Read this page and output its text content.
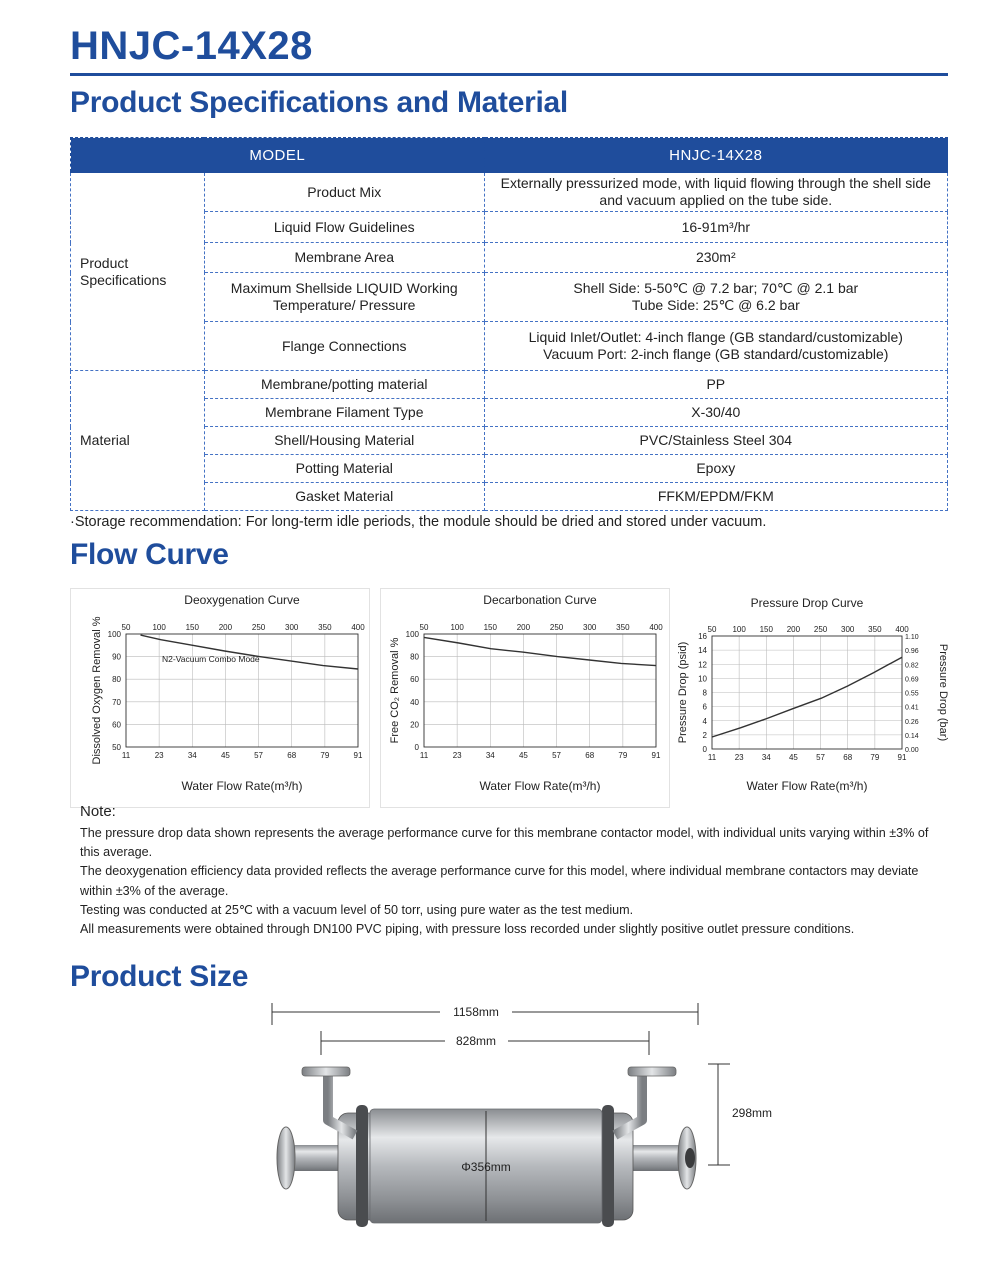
HNJC-14X28
Product Specifications and Material
MODEL		HNJC-14X28
Product
Specifications	Product Mix	Externally pressurized mode, with liquid flowing through the shell side and vacuum applied on the tube side.
	Liquid Flow Guidelines	16-91m³/hr
	Membrane Area	230m²
	Maximum Shellside LIQUID Working Temperature/ Pressure	Shell Side: 5-50℃ @ 7.2 bar; 70℃ @ 2.1 bar
Tube Side: 25℃ @ 6.2 bar
	Flange Connections	Liquid Inlet/Outlet: 4-inch flange (GB standard/customizable)
Vacuum Port: 2-inch flange (GB standard/customizable)
Material	Membrane/potting material	PP
	Membrane Filament Type	X-30/40
	Shell/Housing Material	PVC/Stainless Steel 304
	Potting Material	Epoxy
	Gasket Material	FFKM/EPDM/FKM
·Storage recommendation: For long-term idle periods, the module should be dried and stored under vacuum.
Flow Curve
Deoxygenation Curve
11	23	34	45	57	68	79	91
50	100 150 200 250 300 350 400
50
60
70
80
90
100
Dissolved Oxygen Removal %
Water Flow Rate(m³/h)
N2-Vacuum Combo Mode
Decarbonation Curve
11	23	34	45	57	68	79	91
50	100 150 200 250 300 350 400
0
20
40
60
80
100
Free CO₂ Removal %
Water Flow Rate(m³/h)
Pressure Drop Curve
11 23 34 45 57 68 79 91
50 100 150 200 250 300 350 400
0
2
4
6
8
10
12
14
16
0.00
0.14
0.26
0.41
0.55
0.69
0.82
0.96
1.10
Pressure Drop (bar)
Pressure Drop (psid)
Water Flow Rate(m³/h)
Note:

The pressure drop data shown represents the average performance curve for this membrane contactor model, with individual units varying within ±3% of this average.

The deoxygenation efficiency data provided reflects the average performance curve for this model, where individual membrane contactors may deviate within ±3% of the average.

Testing was conducted at 25℃ with a vacuum level of 50 torr, using pure water as the test medium.

All measurements were obtained through DN100 PVC piping, with pressure loss recorded under slightly positive outlet pressure conditions.

Product Size
1158mm
828mm
298mm
Φ356mm
